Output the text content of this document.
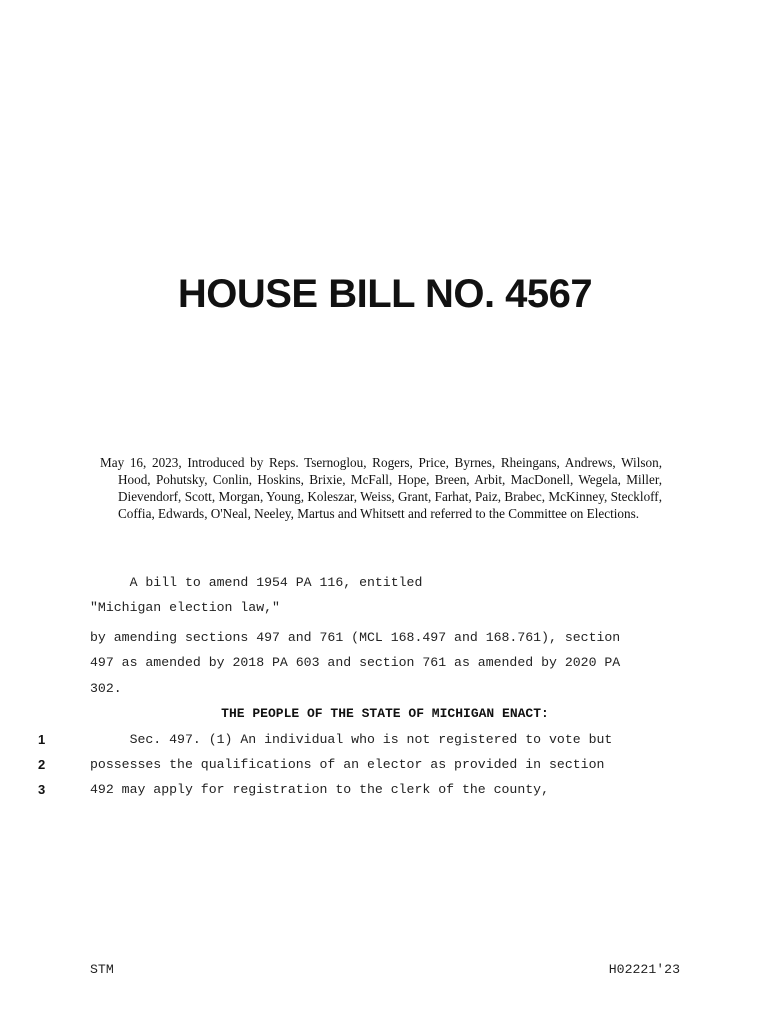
HOUSE BILL NO. 4567
May 16, 2023, Introduced by Reps. Tsernoglou, Rogers, Price, Byrnes, Rheingans, Andrews, Wilson, Hood, Pohutsky, Conlin, Hoskins, Brixie, McFall, Hope, Breen, Arbit, MacDonell, Wegela, Miller, Dievendorf, Scott, Morgan, Young, Koleszar, Weiss, Grant, Farhat, Paiz, Brabec, McKinney, Steckloff, Coffia, Edwards, O'Neal, Neeley, Martus and Whitsett and referred to the Committee on Elections.
A bill to amend 1954 PA 116, entitled
"Michigan election law,"
by amending sections 497 and 761 (MCL 168.497 and 168.761), section
497 as amended by 2018 PA 603 and section 761 as amended by 2020 PA
302.
THE PEOPLE OF THE STATE OF MICHIGAN ENACT:
1	Sec. 497. (1) An individual who is not registered to vote but
2	possesses the qualifications of an elector as provided in section
3	492 may apply for registration to the clerk of the county,
STM	H02221'23
